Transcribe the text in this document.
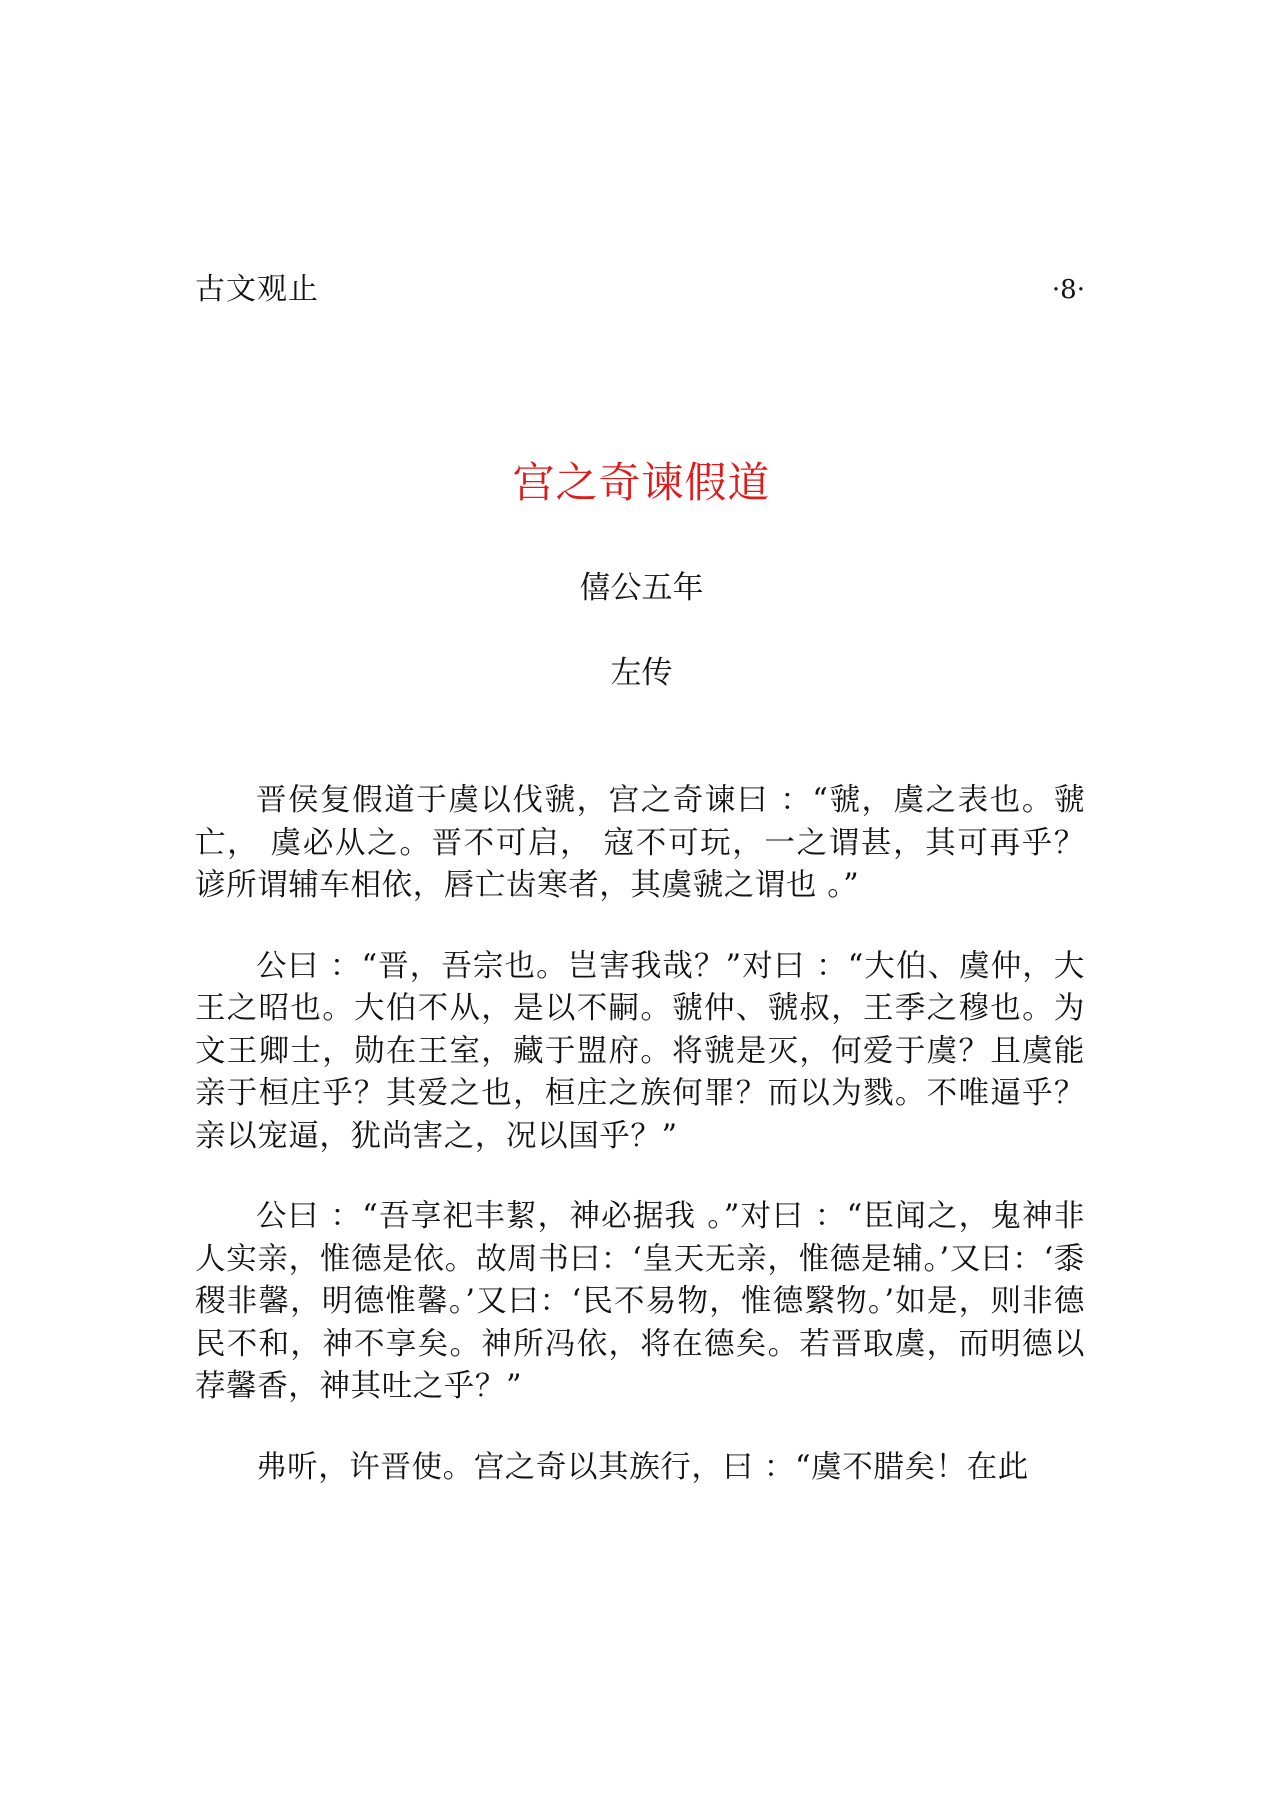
古文观止	·8·
宫之奇谏假道
僖公五年
左传

晋侯复假道于虞以伐虢，宫之奇谏曰 ：“虢，虞之表也。虢亡， 虞必从之。晋不可启， 寇不可玩，一之谓甚，其可再乎？谚所谓辅车相依，唇亡齿寒者，其虞虢之谓也 。”

公曰 ：“晋，吾宗也。岂害我哉？”对曰 ：“大伯、虞仲，大王之昭也。大伯不从，是以不嗣。虢仲、虢叔，王季之穆也。为文王卿士，勋在王室，藏于盟府。将虢是灭，何爱于虞？且虞能亲于桓庄乎？其爱之也，桓庄之族何罪？而以为戮。不唯逼乎？亲以宠逼，犹尚害之，况以国乎？”

公曰 ：“吾享祀丰絜，神必据我 。”对曰 ：“臣闻之，鬼神非人实亲，惟德是依。故周书曰：‘皇天无亲，惟德是辅。’又曰：‘黍稷非馨，明德惟馨。’又曰：‘民不易物，惟德繄物。’如是，则非德民不和，神不享矣。神所冯依，将在德矣。若晋取虞，而明德以荐馨香，神其吐之乎？”

弗听，许晋使。宫之奇以其族行，曰 ：“虞不腊矣！在此
